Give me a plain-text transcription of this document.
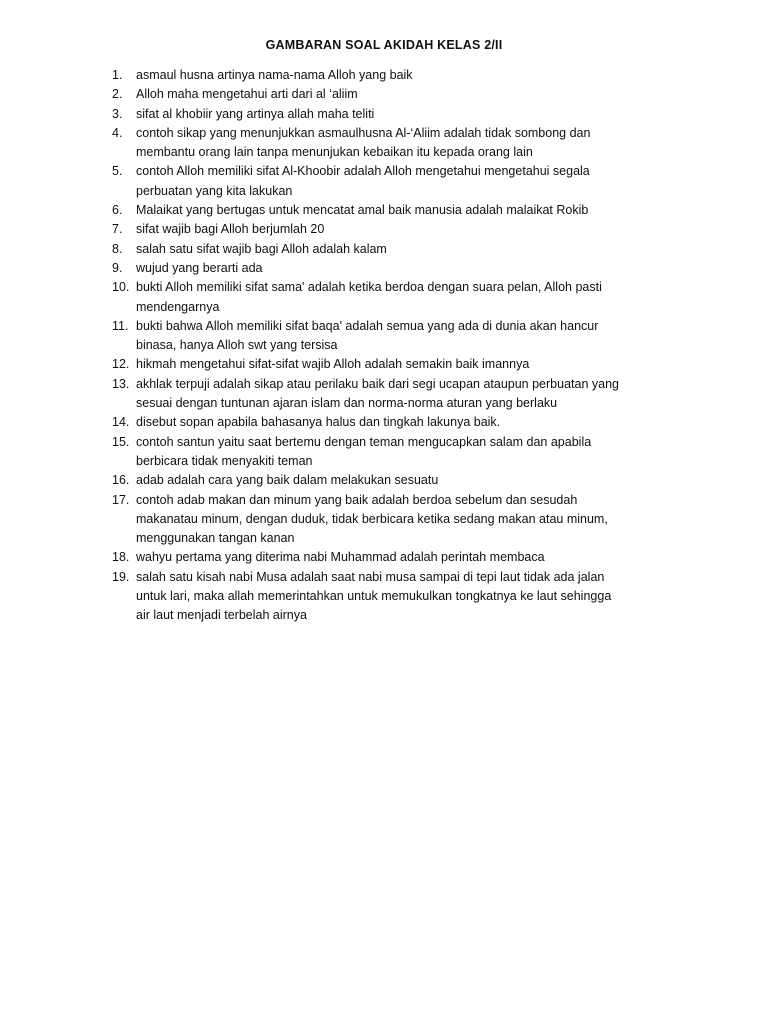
GAMBARAN SOAL AKIDAH KELAS 2/II
1. asmaul husna artinya nama-nama Alloh yang baik
2. Alloh maha mengetahui arti dari al ‘aliim
3. sifat al khobiir yang artinya allah maha teliti
4. contoh sikap yang menunjukkan asmaulhusna Al-‘Aliim adalah tidak sombong dan
membantu orang lain tanpa menunjukan kebaikan itu kepada orang lain
5. contoh Alloh memiliki sifat Al-Khoobir adalah Alloh mengetahui mengetahui segala
perbuatan yang kita lakukan
6. Malaikat yang bertugas untuk mencatat amal baik manusia adalah malaikat Rokib
7. sifat wajib bagi Alloh berjumlah 20
8. salah satu sifat wajib bagi Alloh adalah kalam
9. wujud yang berarti ada
10. bukti Alloh memiliki sifat sama' adalah ketika berdoa dengan suara pelan, Alloh pasti
mendengarnya
11. bukti bahwa Alloh memiliki sifat baqa' adalah semua yang ada di dunia akan hancur
binasa, hanya Alloh swt yang tersisa
12. hikmah mengetahui sifat-sifat wajib Alloh adalah semakin baik imannya
13. akhlak terpuji adalah sikap atau perilaku baik dari segi ucapan ataupun perbuatan yang
sesuai dengan tuntunan ajaran islam dan norma-norma aturan yang berlaku
14. disebut sopan apabila bahasanya halus dan tingkah lakunya baik.
15. contoh santun yaitu saat bertemu dengan teman mengucapkan salam dan apabila
berbicara tidak menyakiti teman
16. adab adalah cara yang baik dalam melakukan sesuatu
17. contoh adab makan dan minum yang baik adalah berdoa sebelum dan sesudah
makanatau minum, dengan duduk, tidak berbicara ketika sedang makan atau minum,
menggunakan tangan kanan
18. wahyu pertama yang diterima nabi Muhammad adalah perintah membaca
19. salah satu kisah nabi Musa adalah saat nabi musa sampai di tepi laut tidak ada jalan
untuk lari, maka allah memerintahkan untuk memukulkan tongkatnya ke laut sehingga
air laut menjadi terbelah airnya
